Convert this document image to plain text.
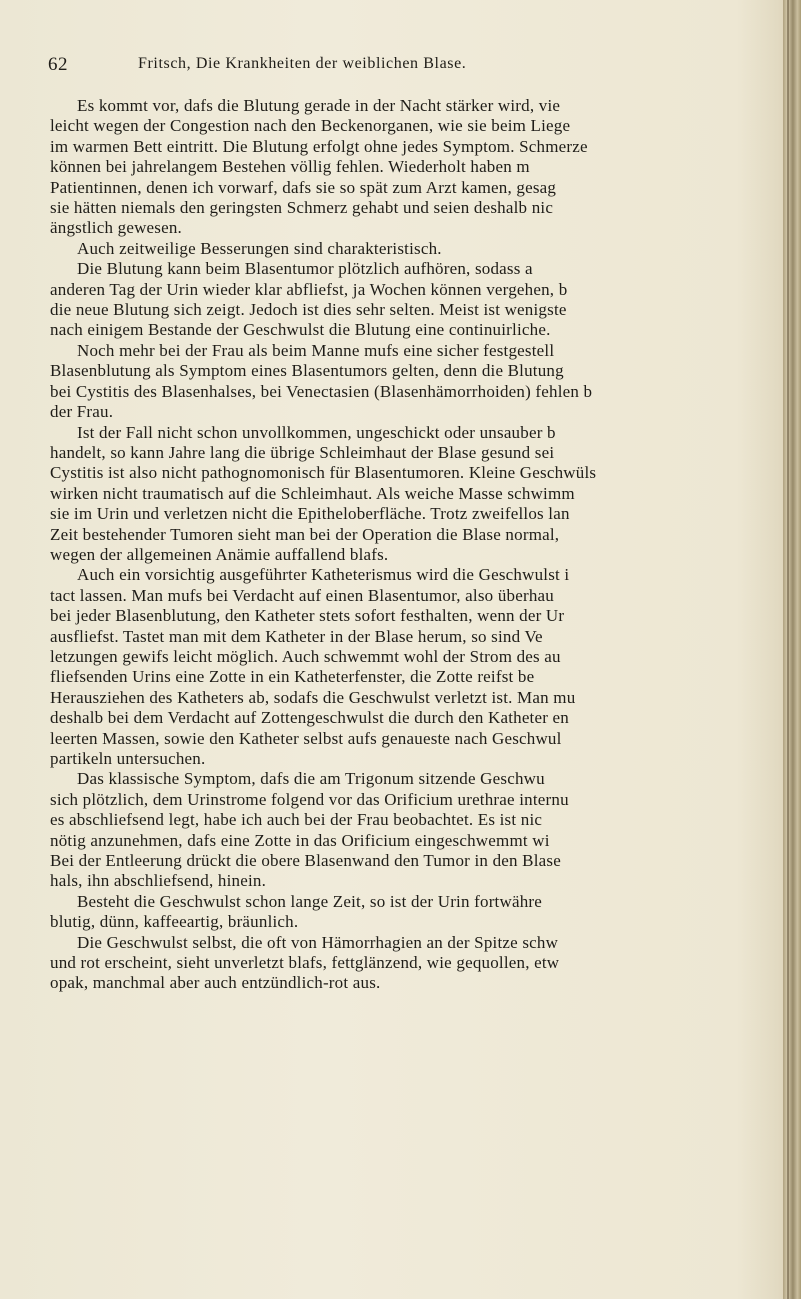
62	Fritsch, Die Krankheiten der weiblichen Blase.
Es kommt vor, dafs die Blutung gerade in der Nacht stärker wird, vie
leicht wegen der Congestion nach den Beckenorganen, wie sie beim Liege
im warmen Bett eintritt. Die Blutung erfolgt ohne jedes Symptom. Schmerze
können bei jahrelangem Bestehen völlig fehlen. Wiederholt haben m
Patientinnen, denen ich vorwarf, dafs sie so spät zum Arzt kamen, gesag
sie hätten niemals den geringsten Schmerz gehabt und seien deshalb nic
ängstlich gewesen.
Auch zeitweilige Besserungen sind charakteristisch.
Die Blutung kann beim Blasentumor plötzlich aufhören, sodass a
anderen Tag der Urin wieder klar abfliefst, ja Wochen können vergehen, b
die neue Blutung sich zeigt. Jedoch ist dies sehr selten. Meist ist wenigste
nach einigem Bestande der Geschwulst die Blutung eine continuirliche.
Noch mehr bei der Frau als beim Manne mufs eine sicher festgestell
Blasenblutung als Symptom eines Blasentumors gelten, denn die Blutung
bei Cystitis des Blasenhalses, bei Venectasien (Blasenhämorrhoiden) fehlen b
der Frau.
Ist der Fall nicht schon unvollkommen, ungeschickt oder unsauber b
handelt, so kann Jahre lang die übrige Schleimhaut der Blase gesund sei
Cystitis ist also nicht pathognomonisch für Blasentumoren. Kleine Geschwüls
wirken nicht traumatisch auf die Schleimhaut. Als weiche Masse schwimm
sie im Urin und verletzen nicht die Epitheloberfläche. Trotz zweifellos lan
Zeit bestehender Tumoren sieht man bei der Operation die Blase normal,
wegen der allgemeinen Anämie auffallend blafs.
Auch ein vorsichtig ausgeführter Katheterismus wird die Geschwulst i
tact lassen. Man mufs bei Verdacht auf einen Blasentumor, also überhau
bei jeder Blasenblutung, den Katheter stets sofort festhalten, wenn der Ur
ausfliefst. Tastet man mit dem Katheter in der Blase herum, so sind Ve
letzungen gewifs leicht möglich. Auch schwemmt wohl der Strom des au
fliefsenden Urins eine Zotte in ein Katheterfenster, die Zotte reifst be
Herausziehen des Katheters ab, sodafs die Geschwulst verletzt ist. Man mu
deshalb bei dem Verdacht auf Zottengeschwulst die durch den Katheter en
leerten Massen, sowie den Katheter selbst aufs genaueste nach Geschwul
partikeln untersuchen.
Das klassische Symptom, dafs die am Trigonum sitzende Geschwu
sich plötzlich, dem Urinstrome folgend vor das Orificium urethrae internu
es abschliefsend legt, habe ich auch bei der Frau beobachtet. Es ist nic
nötig anzunehmen, dafs eine Zotte in das Orificium eingeschwemmt wi
Bei der Entleerung drückt die obere Blasenwand den Tumor in den Blase
hals, ihn abschliefsend, hinein.
Besteht die Geschwulst schon lange Zeit, so ist der Urin fortwähre
blutig, dünn, kaffeeartig, bräunlich.
Die Geschwulst selbst, die oft von Hämorrhagien an der Spitze schw
und rot erscheint, sieht unverletzt blafs, fettglänzend, wie gequollen, etw
opak, manchmal aber auch entzündlich-rot aus.
